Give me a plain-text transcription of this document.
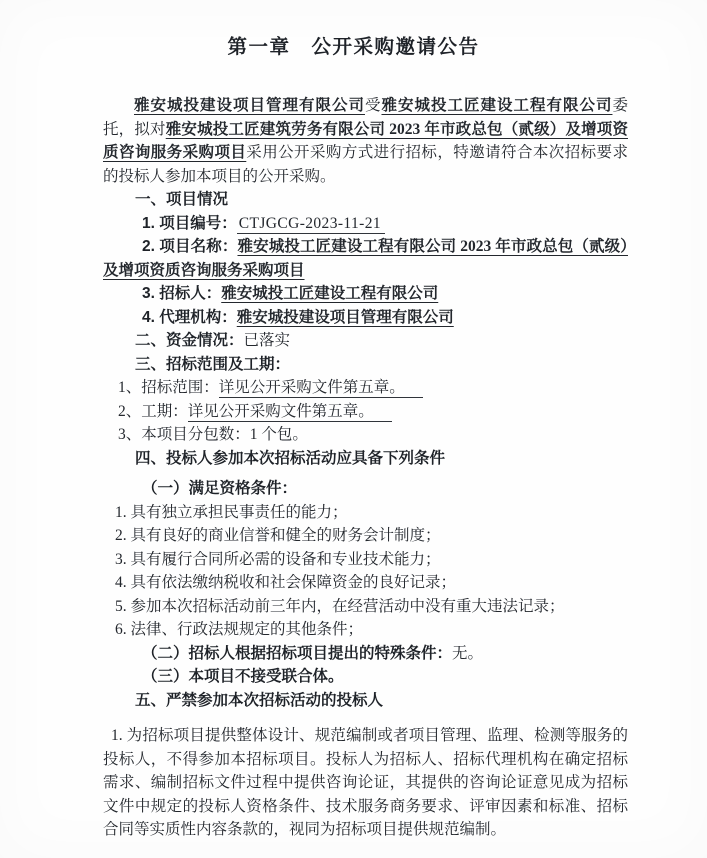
第一章　公开采购邀请公告

雅安城投建设项目管理有限公司受雅安城投工匠建设工程有限公司委托，拟对雅安城投工匠建筑劳务有限公司 2023 年市政总包（贰级）及增项资质咨询服务采购项目采用公开采购方式进行招标，特邀请符合本次招标要求的投标人参加本项目的公开采购。

一、项目情况

1. 项目编号： CTJGCG-2023-11-21

2. 项目名称：雅安城投工匠建设工程有限公司 2023 年市政总包（贰级）及增项资质咨询服务采购项目

3. 招标人：雅安城投工匠建设工程有限公司

4. 代理机构：雅安城投建设项目管理有限公司

二、资金情况：已落实

三、招标范围及工期：

1、招标范围：详见公开采购文件第五章。

2、工期：详见公开采购文件第五章。

3、本项目分包数：1 个包。

四、投标人参加本次招标活动应具备下列条件

（一）满足资格条件：

1. 具有独立承担民事责任的能力；

2. 具有良好的商业信誉和健全的财务会计制度；

3. 具有履行合同所必需的设备和专业技术能力；

4. 具有依法缴纳税收和社会保障资金的良好记录；

5. 参加本次招标活动前三年内，在经营活动中没有重大违法记录；

6. 法律、行政法规规定的其他条件；

（二）招标人根据招标项目提出的特殊条件：无。

（三）本项目不接受联合体。

五、严禁参加本次招标活动的投标人

1. 为招标项目提供整体设计、规范编制或者项目管理、监理、检测等服务的投标人，不得参加本招标项目。投标人为招标人、招标代理机构在确定招标需求、编制招标文件过程中提供咨询论证，其提供的咨询论证意见成为招标文件中规定的投标人资格条件、技术服务商务要求、评审因素和标准、招标合同等实质性内容条款的，视同为招标项目提供规范编制。
